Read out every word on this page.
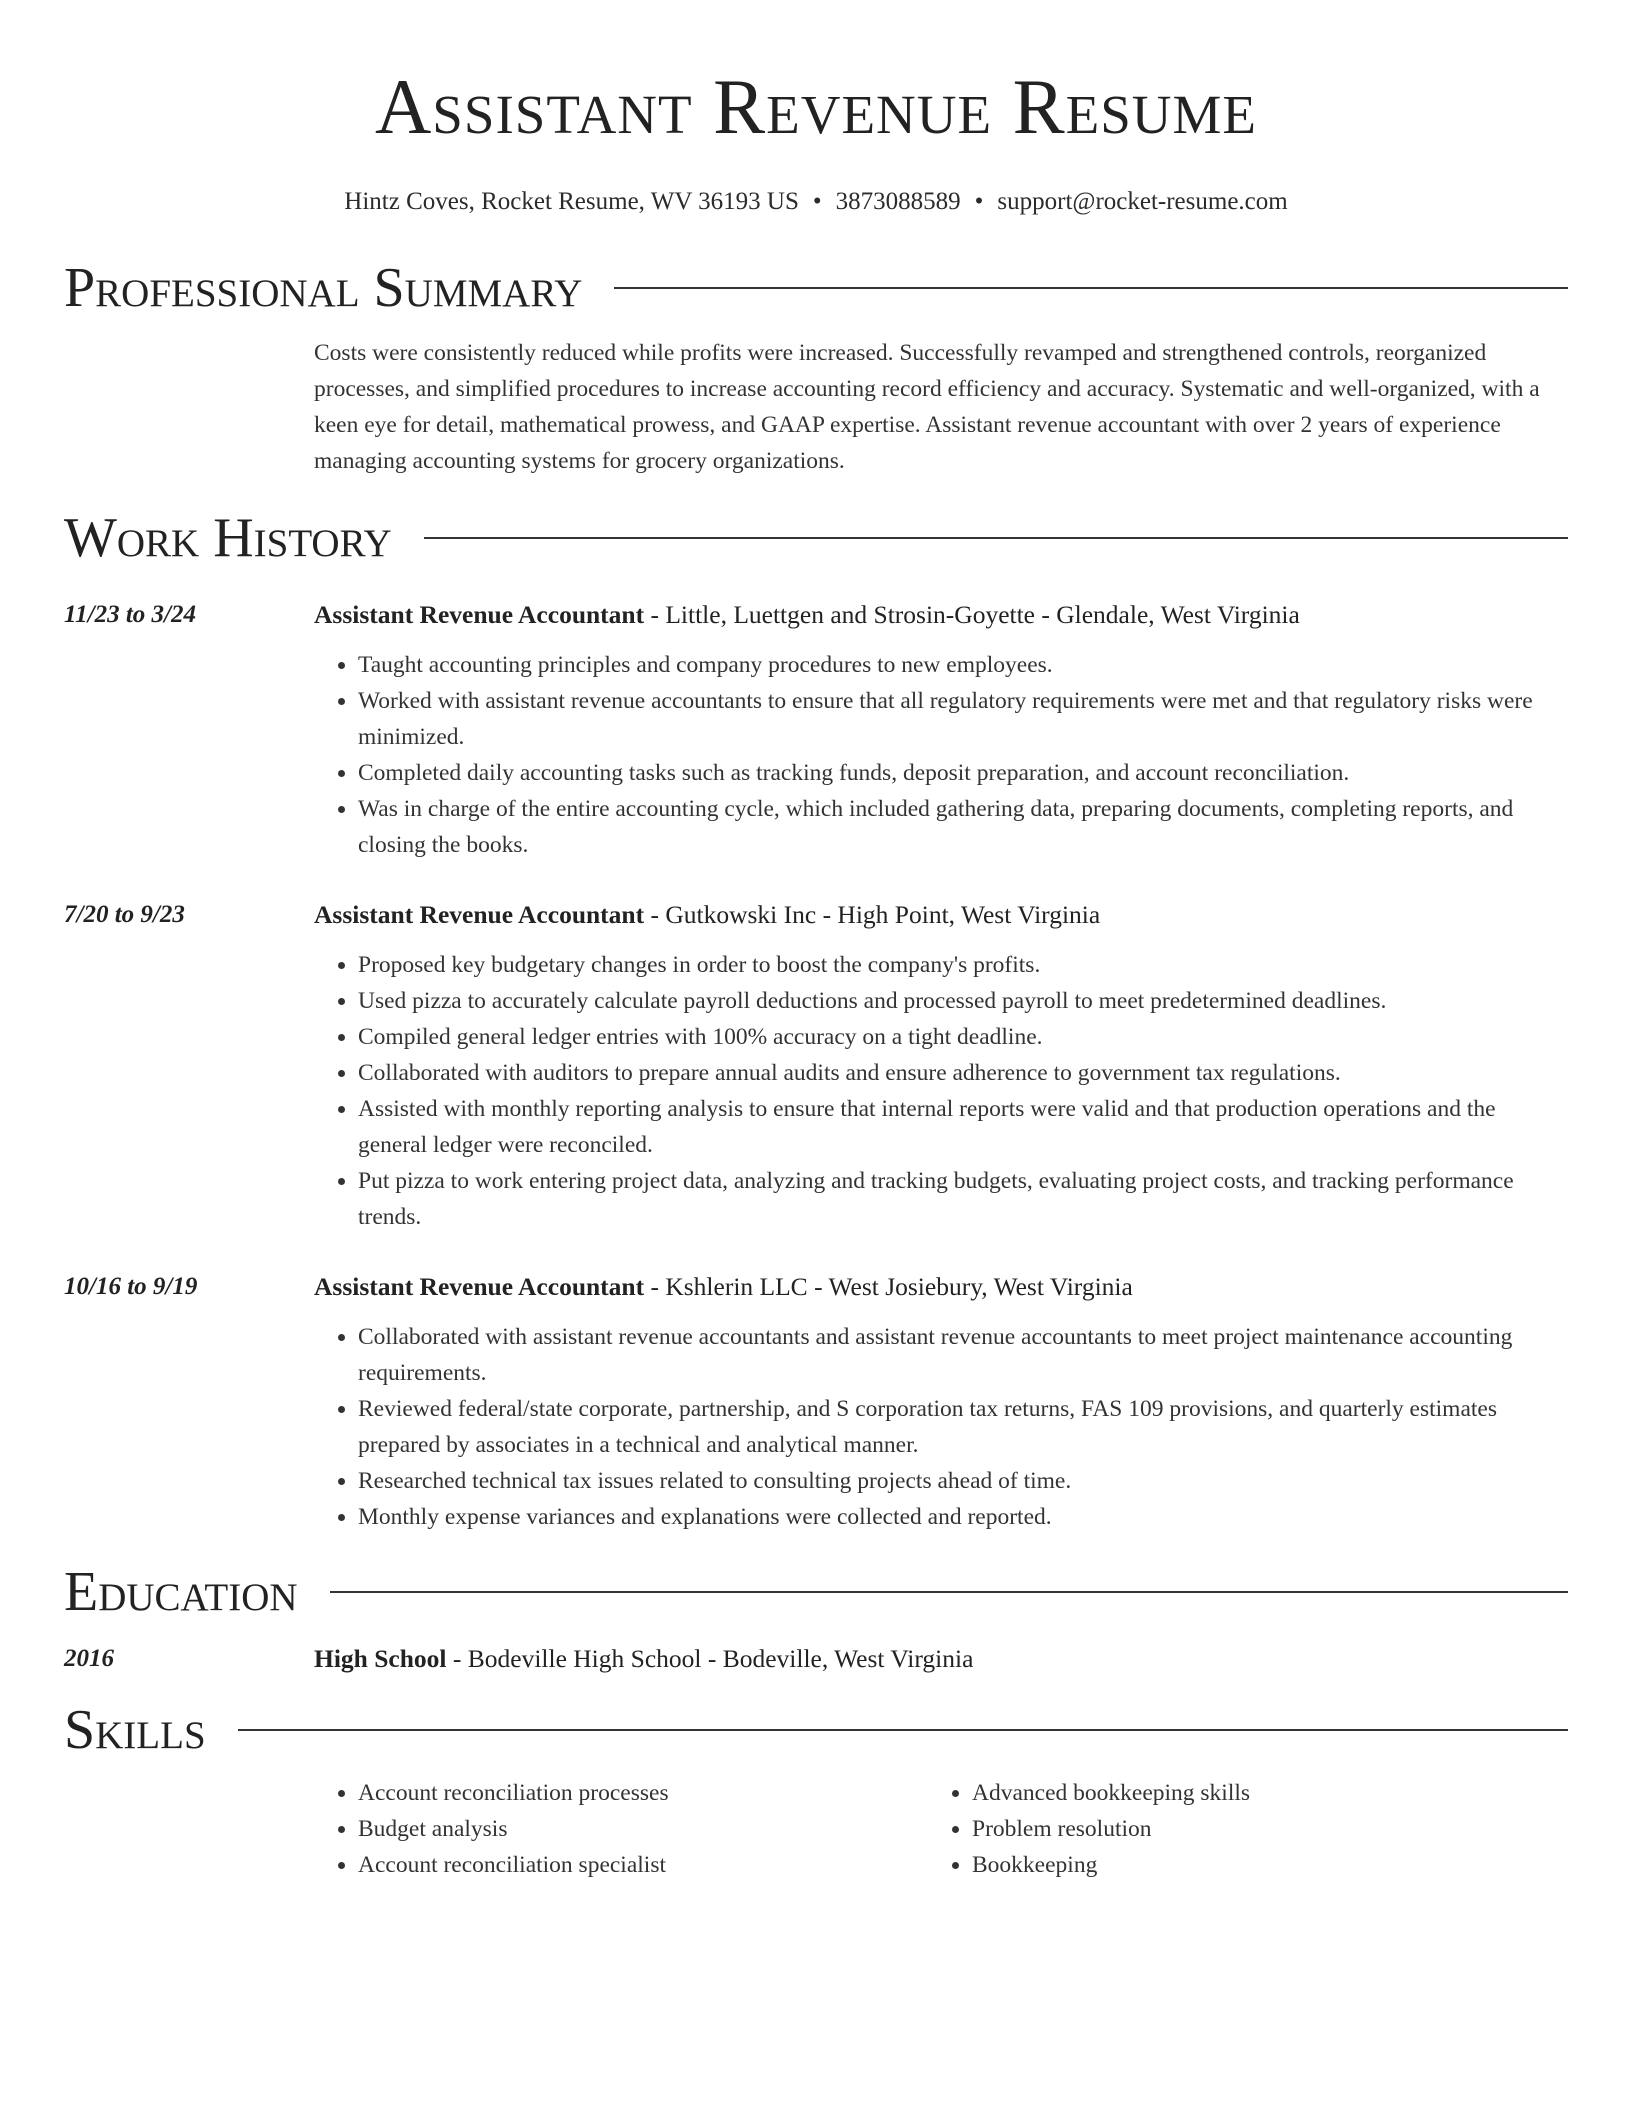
Assistant Revenue Resume
Hintz Coves, Rocket Resume, WV 36193 US • 3873088589 • support@rocket-resume.com
Professional Summary

Costs were consistently reduced while profits were increased. Successfully revamped and strengthened controls, reorganized processes, and simplified procedures to increase accounting record efficiency and accuracy. Systematic and well-organized, with a keen eye for detail, mathematical prowess, and GAAP expertise. Assistant revenue accountant with over 2 years of experience managing accounting systems for grocery organizations.

Work History
11/23 to 3/24	Assistant Revenue Accountant - Little, Luettgen and Strosin-Goyette - Glendale, West Virginia
• Taught accounting principles and company procedures to new employees.
• Worked with assistant revenue accountants to ensure that all regulatory requirements were met and that regulatory risks were minimized.
• Completed daily accounting tasks such as tracking funds, deposit preparation, and account reconciliation.
• Was in charge of the entire accounting cycle, which included gathering data, preparing documents, completing reports, and closing the books.
7/20 to 9/23	Assistant Revenue Accountant - Gutkowski Inc - High Point, West Virginia
• Proposed key budgetary changes in order to boost the company's profits.
• Used pizza to accurately calculate payroll deductions and processed payroll to meet predetermined deadlines.
• Compiled general ledger entries with 100% accuracy on a tight deadline.
• Collaborated with auditors to prepare annual audits and ensure adherence to government tax regulations.
• Assisted with monthly reporting analysis to ensure that internal reports were valid and that production operations and the general ledger were reconciled.
• Put pizza to work entering project data, analyzing and tracking budgets, evaluating project costs, and tracking performance trends.
10/16 to 9/19	Assistant Revenue Accountant - Kshlerin LLC - West Josiebury, West Virginia
• Collaborated with assistant revenue accountants and assistant revenue accountants to meet project maintenance accounting requirements.
• Reviewed federal/state corporate, partnership, and S corporation tax returns, FAS 109 provisions, and quarterly estimates prepared by associates in a technical and analytical manner.
• Researched technical tax issues related to consulting projects ahead of time.
• Monthly expense variances and explanations were collected and reported.
Education
2016	High School - Bodeville High School - Bodeville, West Virginia
Skills
• Account reconciliation processes
• Budget analysis
• Account reconciliation specialist
• Advanced bookkeeping skills
• Problem resolution
• Bookkeeping
